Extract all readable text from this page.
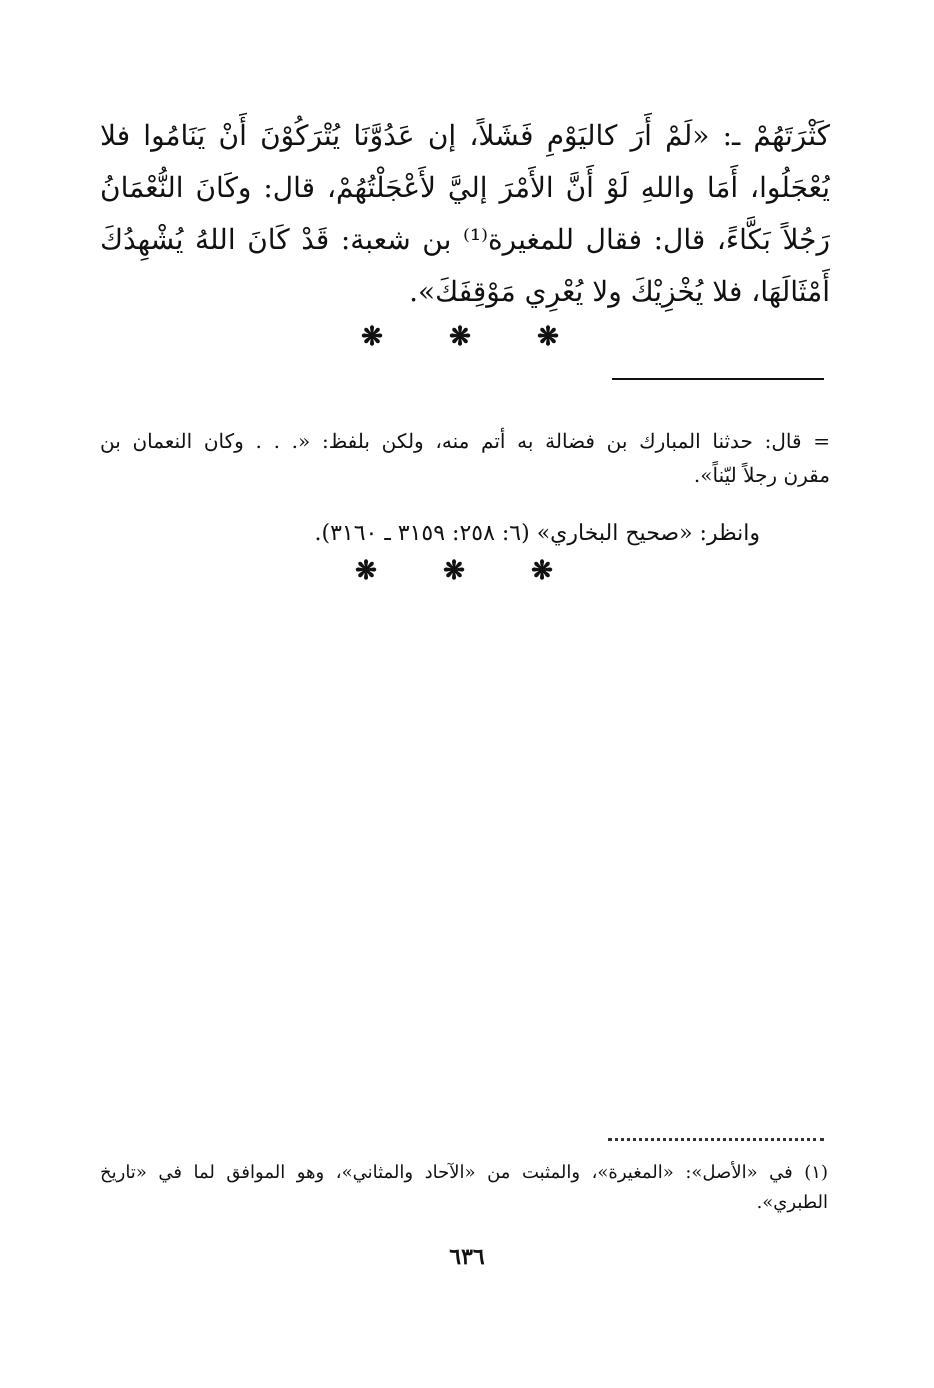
كَثْرَتَهُمْ ـ: «لَمْ أَرَ كاليَوْمِ فَشَلاً، إن عَدُوَّنَا يُتْرَكُوْنَ أَنْ يَنَامُوا فلا
يُعْجَلُوا، أَمَا واللهِ لَوْ أَنَّ الأَمْرَ إليَّ لأَعْجَلْتُهُمْ، قال: وكَانَ النُّعْمَانُ
رَجُلاً بَكَّاءً، قال: فقال للمغيرة⁽¹⁾ بن شعبة: قَدْ كَانَ اللهُ يُشْهِدُكَ
أَمْثَالَهَا، فلا يُخْزِيْكَ ولا يُعْرِي مَوْقِفَكَ».
❋	❋	❋
= قال: حدثنا المبارك بن فضالة به أتم منه، ولكن بلفظ: «. . . وكان النعمان بن
مقرن رجلاً ليّناً».
وانظر: «صحيح البخاري» (٦: ٢٥٨: ٣١٥٩ ـ ٣١٦٠).
❋	❋	❋
(١) في «الأصل»: «المغيرة»، والمثبت من «الآحاد والمثاني»، وهو الموافق لما في «تاريخ
الطبري».
٦٣٦
